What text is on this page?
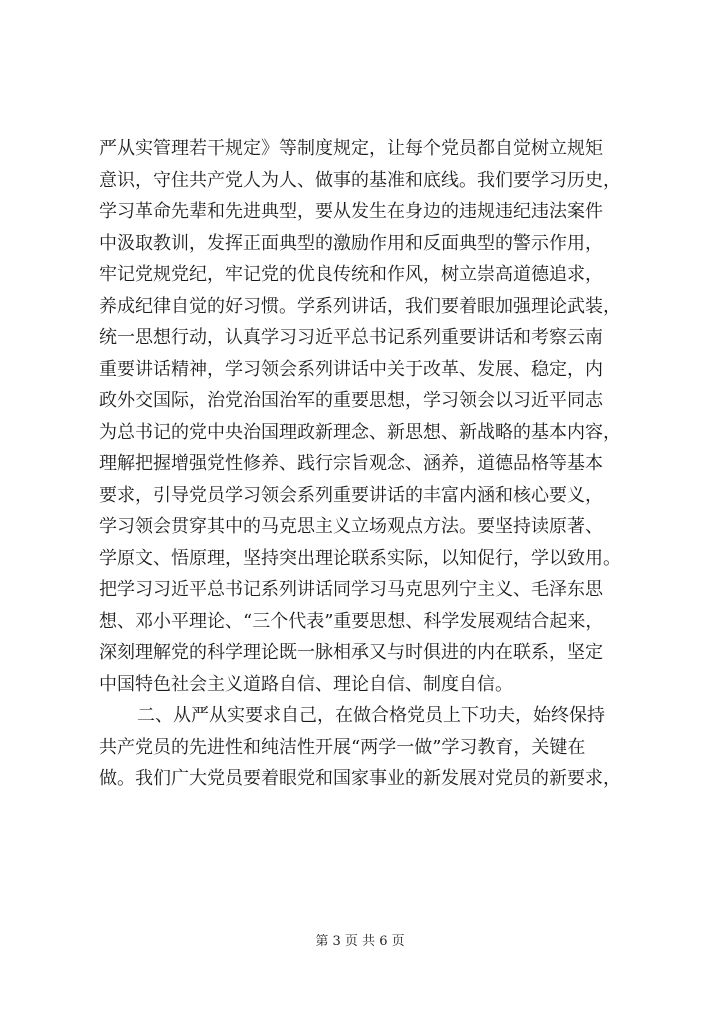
严从实管理若干规定》等制度规定，让每个党员都自觉树立规矩
意识，守住共产党人为人、做事的基准和底线。我们要学习历史，
学习革命先辈和先进典型，要从发生在身边的违规违纪违法案件
中汲取教训，发挥正面典型的激励作用和反面典型的警示作用，
牢记党规党纪，牢记党的优良传统和作风，树立崇高道德追求，
养成纪律自觉的好习惯。学系列讲话，我们要着眼加强理论武装，
统一思想行动，认真学习习近平总书记系列重要讲话和考察云南
重要讲话精神，学习领会系列讲话中关于改革、发展、稳定，内
政外交国际，治党治国治军的重要思想，学习领会以习近平同志
为总书记的党中央治国理政新理念、新思想、新战略的基本内容，
理解把握增强党性修养、践行宗旨观念、涵养，道德品格等基本
要求，引导党员学习领会系列重要讲话的丰富内涵和核心要义，
学习领会贯穿其中的马克思主义立场观点方法。要坚持读原著、
学原文、悟原理，坚持突出理论联系实际，以知促行，学以致用。
把学习习近平总书记系列讲话同学习马克思列宁主义、毛泽东思
想、邓小平理论、“三个代表”重要思想、科学发展观结合起来，
深刻理解党的科学理论既一脉相承又与时俱进的内在联系，坚定
中国特色社会主义道路自信、理论自信、制度自信。
二、从严从实要求自己，在做合格党员上下功夫，始终保持
共产党员的先进性和纯洁性开展“两学一做”学习教育，关键在
做。我们广大党员要着眼党和国家事业的新发展对党员的新要求，
第 3 页 共 6 页
